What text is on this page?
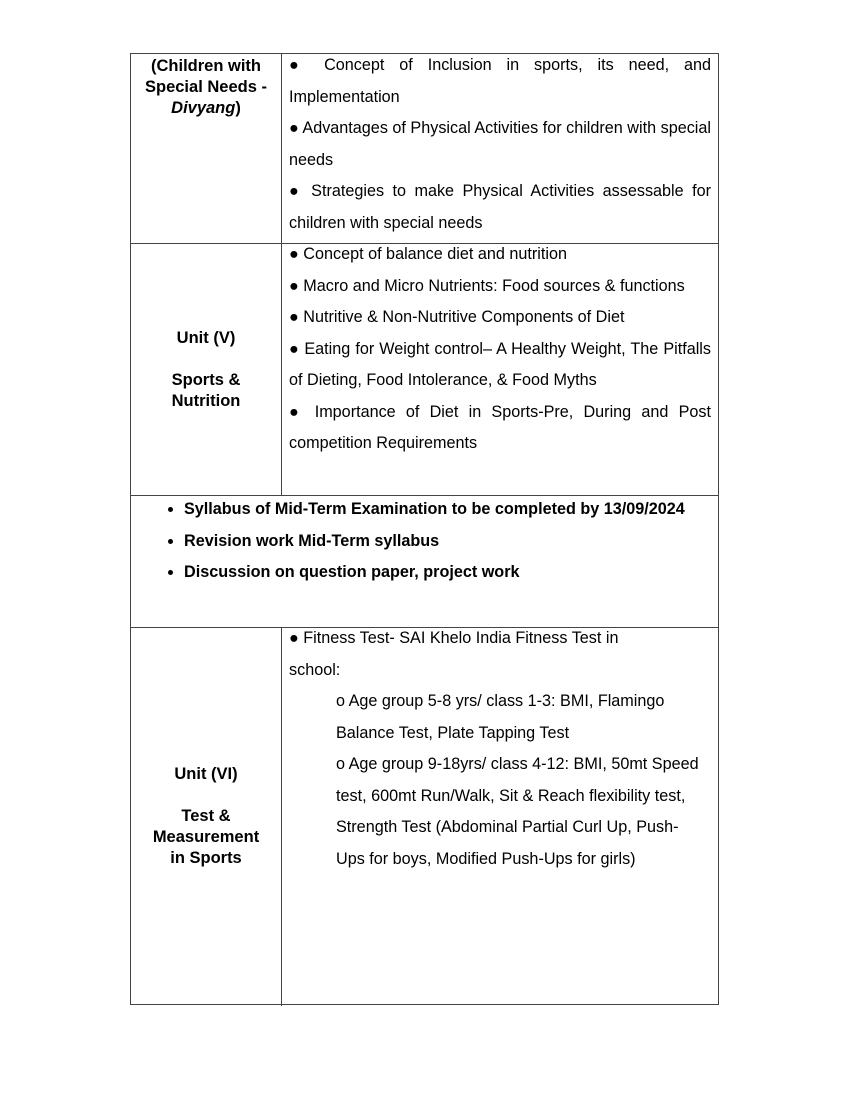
(Children with
Special Needs -
Divyang)
● Concept of Inclusion in sports, its need, and Implementation
● Advantages of Physical Activities for children with special needs
● Strategies to make Physical Activities assessable for children with special needs
Unit (V)
Sports &
Nutrition
● Concept of balance diet and nutrition
● Macro and Micro Nutrients: Food sources & functions
● Nutritive & Non-Nutritive Components of Diet
● Eating for Weight control– A Healthy Weight, The Pitfalls of Dieting, Food Intolerance, & Food Myths
● Importance of Diet in Sports-Pre, During and Post competition Requirements
• Syllabus of Mid-Term Examination to be completed by 13/09/2024
• Revision work Mid-Term syllabus
• Discussion on question paper, project work
Unit (VI)
Test &
Measurement
in Sports
● Fitness Test- SAI Khelo India Fitness Test in school:
o Age group 5-8 yrs/ class 1-3: BMI, Flamingo Balance Test, Plate Tapping Test
o Age group 9-18yrs/ class 4-12: BMI, 50mt Speed test, 600mt Run/Walk, Sit & Reach flexibility test, Strength Test (Abdominal Partial Curl Up, Push-Ups for boys, Modified Push-Ups for girls)
